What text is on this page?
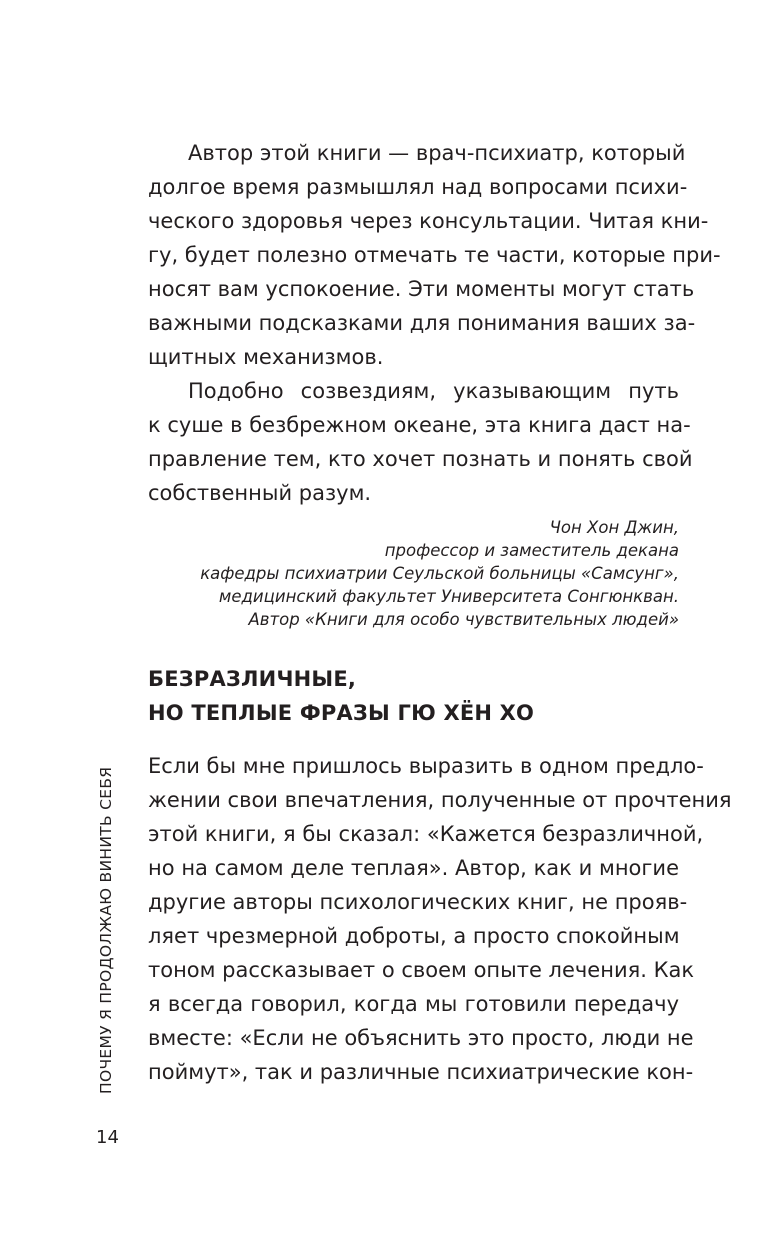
Автор этой книги — врач-психиатр, который
долгое время размышлял над вопросами психи-
ческого здоровья через консультации. Читая кни-
гу, будет полезно отмечать те части, которые при-
носят вам успокоение. Эти моменты могут стать
важными подсказками для понимания ваших за-
щитных механизмов.
Подобно созвездиям, указывающим путь
к суше в безбрежном океане, эта книга даст на-
правление тем, кто хочет познать и понять свой
собственный разум.
Чон Хон Джин,
профессор и заместитель декана
кафедры психиатрии Сеульской больницы «Самсунг»,
медицинский факультет Университета Сонгюнкван.
Автор «Книги для особо чувствительных людей»
БЕЗРАЗЛИЧНЫЕ,
НО ТЕПЛЫЕ ФРАЗЫ ГЮ ХЁН ХО
Если бы мне пришлось выразить в одном предло-
жении свои впечатления, полученные от прочтения
этой книги, я бы сказал: «Кажется безразличной,
но на самом деле теплая». Автор, как и многие
другие авторы психологических книг, не прояв-
ляет чрезмерной доброты, а просто спокойным
тоном рассказывает о своем опыте лечения. Как
я всегда говорил, когда мы готовили передачу
вместе: «Если не объяснить это просто, люди не
поймут», так и различные психиатрические кон-
ПОЧЕМУ Я ПРОДОЛЖАЮ ВИНИТЬ СЕБЯ
14
